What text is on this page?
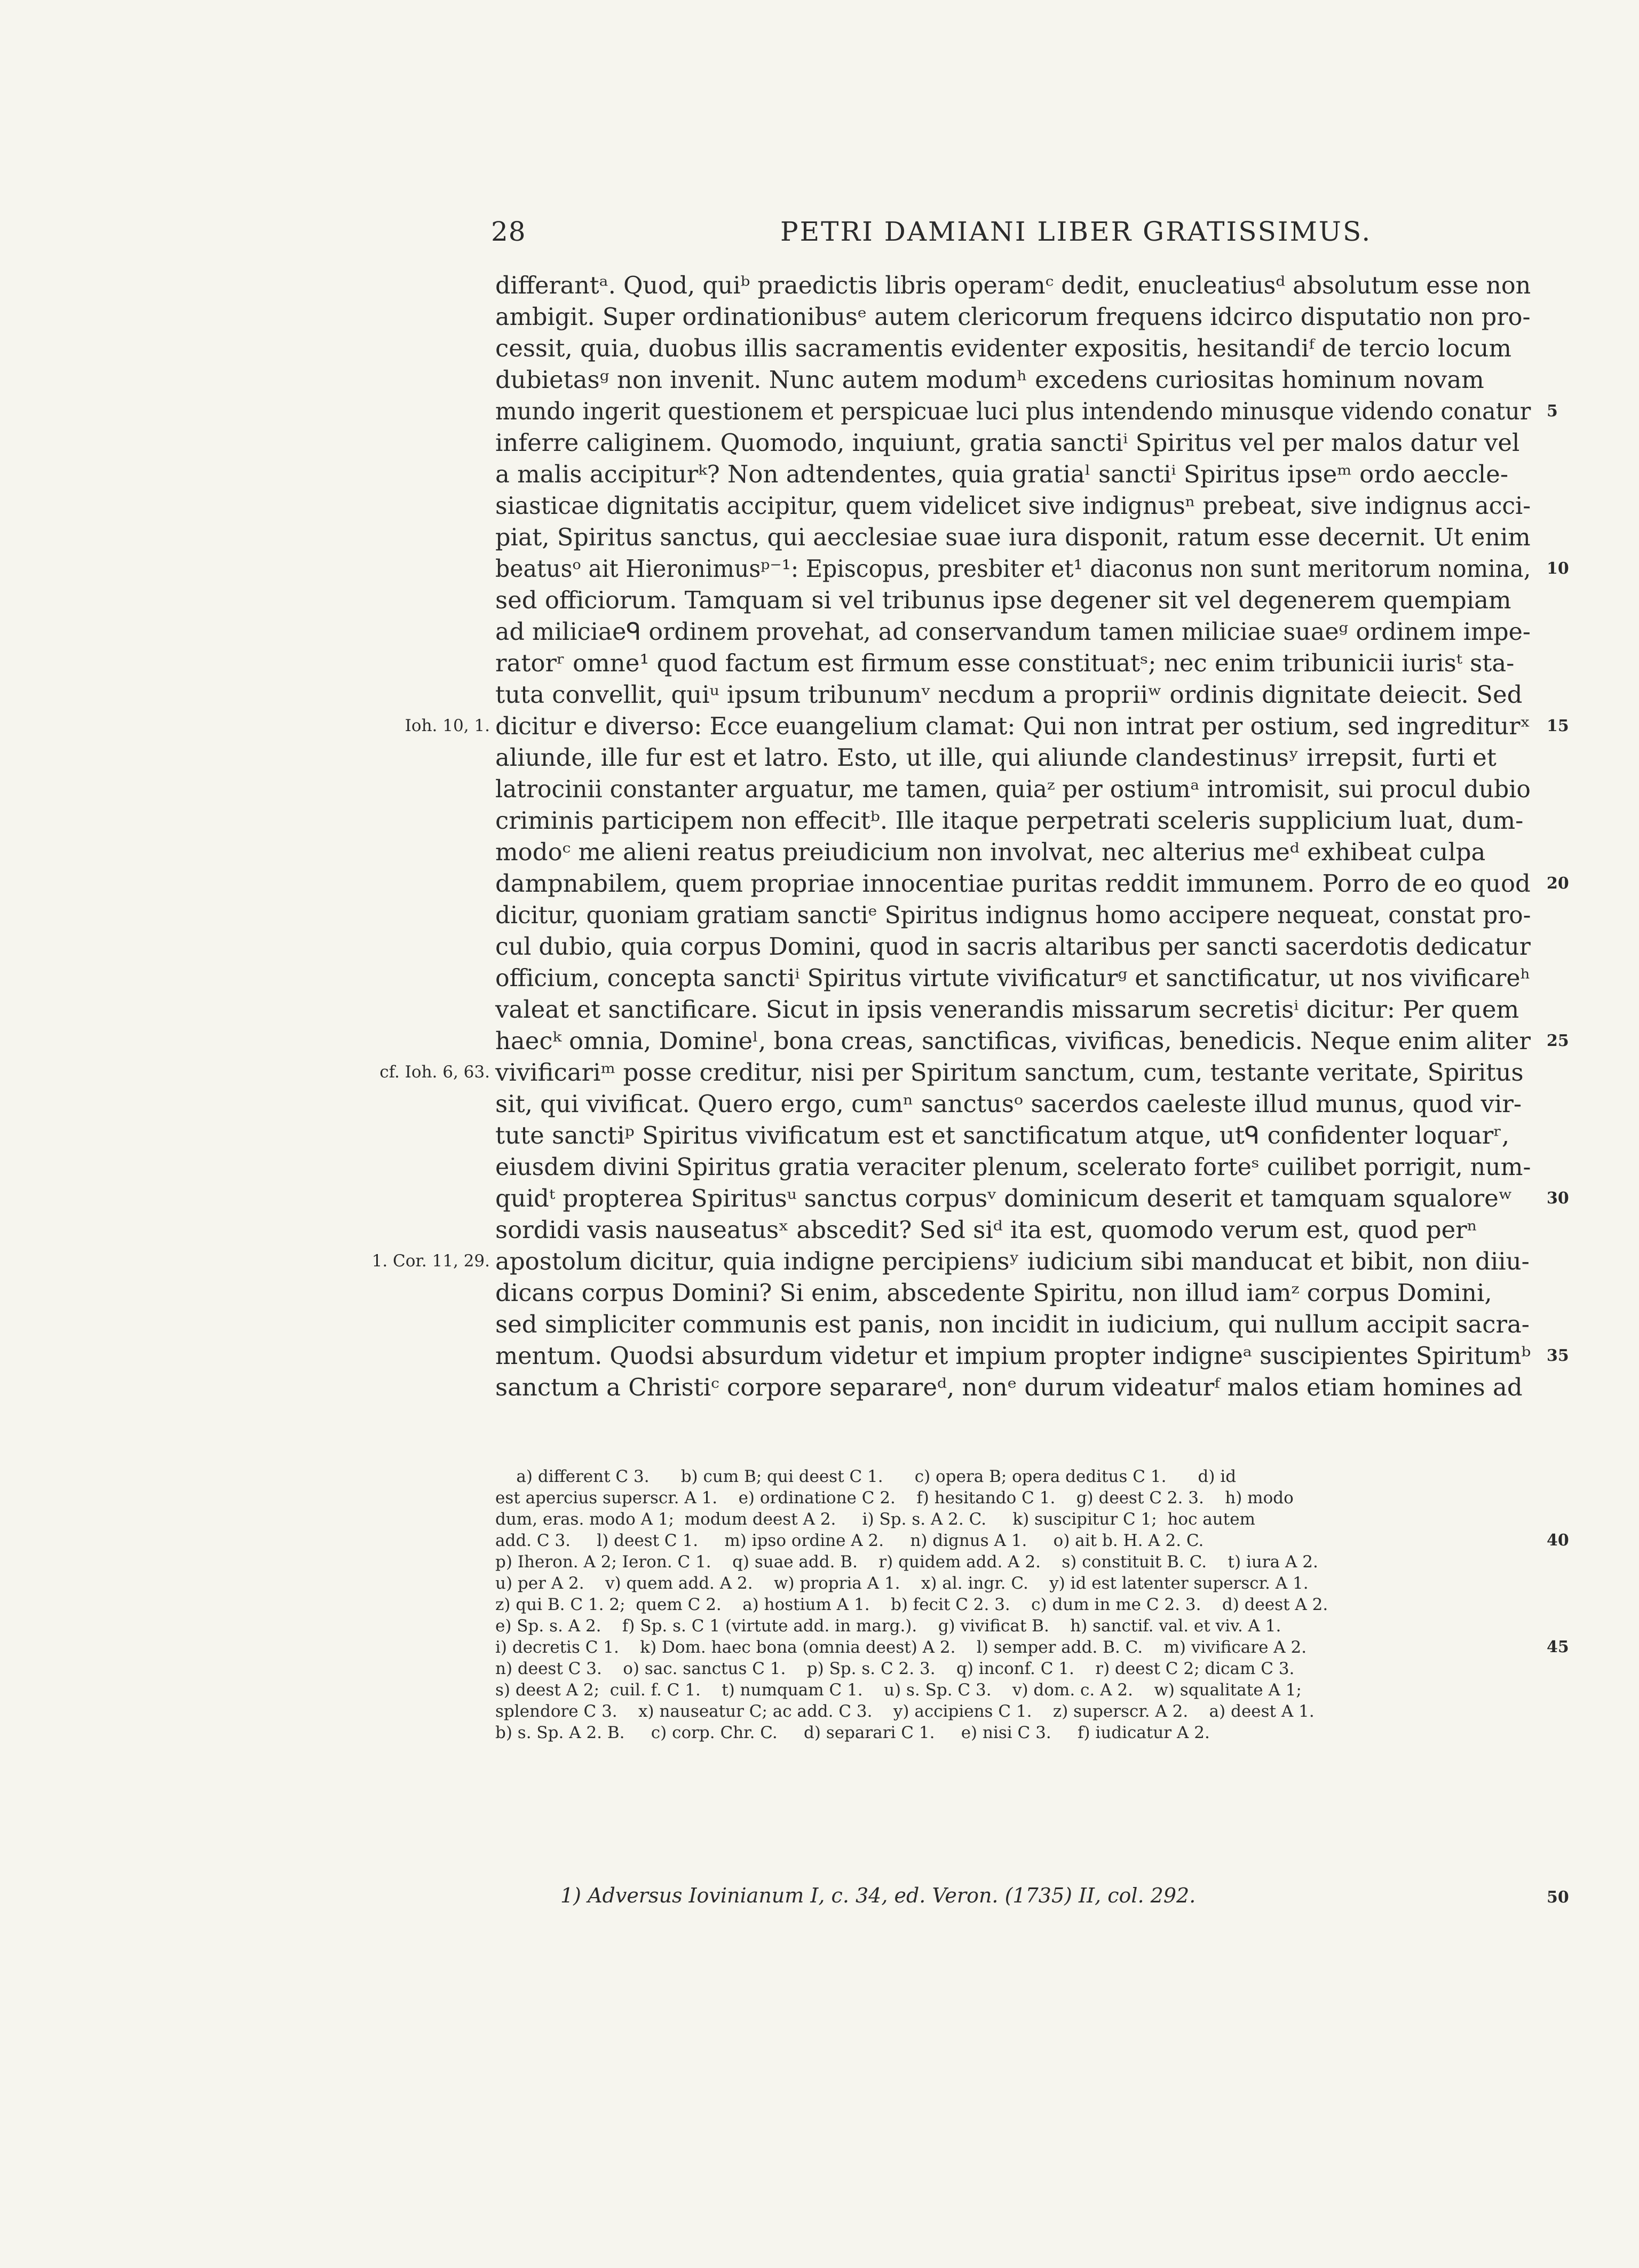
28	PETRI DAMIANI LIBER GRATISSIMUS.
differantᵃ. Quod, quiᵇ praedictis libris operamᶜ dedit, enucleatiusᵈ absolutum esse non
ambigit. Super ordinationibusᵉ autem clericorum frequens idcirco disputatio non pro-
cessit, quia, duobus illis sacramentis evidenter expositis, hesitandiᶠ de tercio locum
dubietasᵍ non invenit. Nunc autem modumʰ excedens curiositas hominum novam
mundo ingerit questionem et perspicuae luci plus intendendo minusque videndo conatur 5
inferre caliginem. Quomodo, inquiunt, gratia sanctiⁱ Spiritus vel per malos datur vel
a malis accipiturᵏ? Non adtendentes, quia gratiaˡ sanctiⁱ Spiritus ipseᵐ ordo aeccle-
siasticae dignitatis accipitur, quem videlicet sive indignusⁿ prebeat, sive indignus acci-
piat, Spiritus sanctus, qui aecclesiae suae iura disponit, ratum esse decernit. Ut enim
beatusᵒ ait Hieronimusᵖ⁻¹: Episcopus, presbiter et¹ diaconus non sunt meritorum nomina, 10
sed officiorum. Tamquam si vel tribunus ipse degener sit vel degenerem quempiam
ad miliciaeᑫ ordinem provehat, ad conservandum tamen miliciae suaeᵍ ordinem impe-
ratorʳ omne¹ quod factum est firmum esse constituatˢ; nec enim tribunicii iurisᵗ sta-
tuta convellit, quiᵘ ipsum tribunumᵛ necdum a propriiʷ ordinis dignitate deiecit. Sed
dicitur e diverso: Ecce euangelium clamat: Qui non intrat per ostium, sed ingrediturˣ
Ioh. 10, 1.	15
aliunde, ille fur est et latro. Esto, ut ille, qui aliunde clandestinusʸ irrepsit, furti et
latrocinii constanter arguatur, me tamen, quiaᶻ per ostiumᵃ intromisit, sui procul dubio
criminis participem non effecitᵇ. Ille itaque perpetrati sceleris supplicium luat, dum-
modoᶜ me alieni reatus preiudicium non involvat, nec alterius meᵈ exhibeat culpa
dampnabilem, quem propriae innocentiae puritas reddit immunem. Porro de eo quod 20
dicitur, quoniam gratiam sanctiᵉ Spiritus indignus homo accipere nequeat, constat pro-
cul dubio, quia corpus Domini, quod in sacris altaribus per sancti sacerdotis dedicatur
officium, concepta sanctiⁱ Spiritus virtute vivificaturᵍ et sanctificatur, ut nos vivificareʰ
valeat et sanctificare. Sicut in ipsis venerandis missarum secretisⁱ dicitur: Per quem
haecᵏ omnia, Domineˡ, bona creas, sanctificas, vivificas, benedicis. Neque enim aliter 25
vivificariᵐ posse creditur, nisi per Spiritum sanctum, cum, testante veritate, Spiritus
cf. Ioh. 6, 63.
sit, qui vivificat. Quero ergo, cumⁿ sanctusᵒ sacerdos caeleste illud munus, quod vir-
tute sanctiᵖ Spiritus vivificatum est et sanctificatum atque, utᑫ confidenter loquarʳ,
eiusdem divini Spiritus gratia veraciter plenum, scelerato forteˢ cuilibet porrigit, num-
quidᵗ propterea Spiritusᵘ sanctus corpusᵛ dominicum deserit et tamquam squaloreʷ	30
sordidi vasis nauseatusˣ abscedit? Sed siᵈ ita est, quomodo verum est, quod perⁿ
apostolum dicitur, quia indigne percipiensʸ iudicium sibi manducat et bibit, non diiu-
1. Cor. 11, 29.
dicans corpus Domini? Si enim, abscedente Spiritu, non illud iamᶻ corpus Domini,
sed simpliciter communis est panis, non incidit in iudicium, qui nullum accipit sacra-
mentum. Quodsi absurdum videtur et impium propter indigneᵃ suscipientes Spiritumᵇ 35
sanctum a Christiᶜ corpore separareᵈ, nonᵉ durum videaturᶠ malos etiam homines ad
a) different C 3.      b) cum B; qui deest C 1.      c) opera B; opera deditus C 1.      d) id
est apercius superscr. A 1.    e) ordinatione C 2.    f) hesitando C 1.    g) deest C 2. 3.    h) modo
dum, eras. modo A 1;  modum deest A 2.     i) Sp. s. A 2. C.     k) suscipitur C 1;  hoc autem
add. C 3.     l) deest C 1.     m) ipso ordine A 2.     n) dignus A 1.     o) ait b. H. A 2. C.	40
p) Iheron. A 2; Ieron. C 1.    q) suae add. B.    r) quidem add. A 2.    s) constituit B. C.    t) iura A 2.
u) per A 2.    v) quem add. A 2.    w) propria A 1.    x) al. ingr. C.    y) id est latenter superscr. A 1.
z) qui B. C 1. 2;  quem C 2.    a) hostium A 1.    b) fecit C 2. 3.    c) dum in me C 2. 3.    d) deest A 2.
e) Sp. s. A 2.    f) Sp. s. C 1 (virtute add. in marg.).    g) vivificat B.    h) sanctif. val. et viv. A 1.
i) decretis C 1.    k) Dom. haec bona (omnia deest) A 2.    l) semper add. B. C.    m) vivificare A 2.	45
n) deest C 3.    o) sac. sanctus C 1.    p) Sp. s. C 2. 3.    q) inconf. C 1.    r) deest C 2; dicam C 3.
s) deest A 2;  cuil. f. C 1.    t) numquam C 1.    u) s. Sp. C 3.    v) dom. c. A 2.    w) squalitate A 1;
splendore C 3.    x) nauseatur C; ac add. C 3.    y) accipiens C 1.    z) superscr. A 2.    a) deest A 1.
b) s. Sp. A 2. B.     c) corp. Chr. C.     d) separari C 1.     e) nisi C 3.     f) iudicatur A 2.
1) Adversus Iovinianum I, c. 34, ed. Veron. (1735) II, col. 292.	50
